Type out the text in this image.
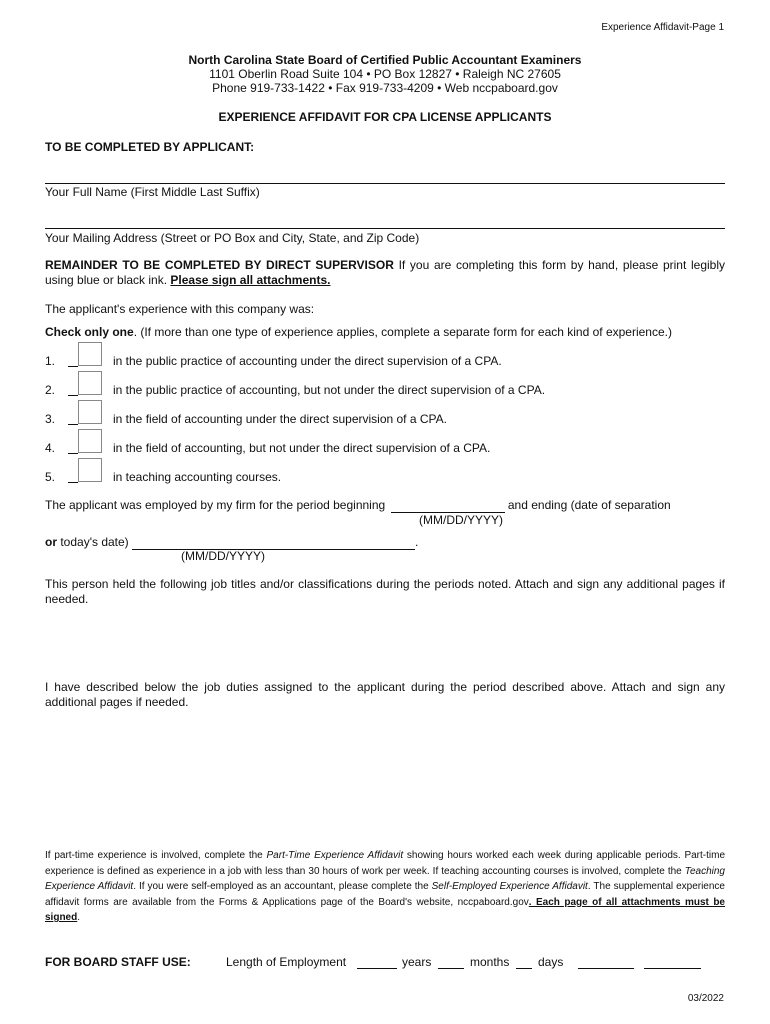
Experience Affidavit-Page 1
North Carolina State Board of Certified Public Accountant Examiners
1101 Oberlin Road Suite 104 • PO Box 12827 • Raleigh NC 27605
Phone 919-733-1422 • Fax 919-733-4209 • Web nccpaboard.gov
EXPERIENCE AFFIDAVIT FOR CPA LICENSE APPLICANTS
TO BE COMPLETED BY APPLICANT:
Your Full Name (First Middle Last Suffix)
Your Mailing Address (Street or PO Box and City, State, and Zip Code)
REMAINDER TO BE COMPLETED BY DIRECT SUPERVISOR If you are completing this form by hand, please print legibly using blue or black ink. Please sign all attachments.
The applicant's experience with this company was:
Check only one. (If more than one type of experience applies, complete a separate form for each kind of experience.)
1.	in the public practice of accounting under the direct supervision of a CPA.
2.	in the public practice of accounting, but not under the direct supervision of a CPA.
3.	in the field of accounting under the direct supervision of a CPA.
4.	in the field of accounting, but not under the direct supervision of a CPA.
5.	in teaching accounting courses.
The applicant was employed by my firm for the period beginning	and ending (date of separation
(MM/DD/YYYY)
or today's date)	.
(MM/DD/YYYY)
This person held the following job titles and/or classifications during the periods noted. Attach and sign any additional pages if needed.
I have described below the job duties assigned to the applicant during the period described above. Attach and sign any additional pages if needed.
If part-time experience is involved, complete the Part-Time Experience Affidavit showing hours worked each week during applicable periods. Part-time experience is defined as experience in a job with less than 30 hours of work per week. If teaching accounting courses is involved, complete the Teaching Experience Affidavit. If you were self-employed as an accountant, please complete the Self-Employed Experience Affidavit. The supplemental experience affidavit forms are available from the Forms & Applications page of the Board's website, nccpaboard.gov. Each page of all attachments must be signed.
FOR BOARD STAFF USE:	Length of Employment	years	months days
03/2022
